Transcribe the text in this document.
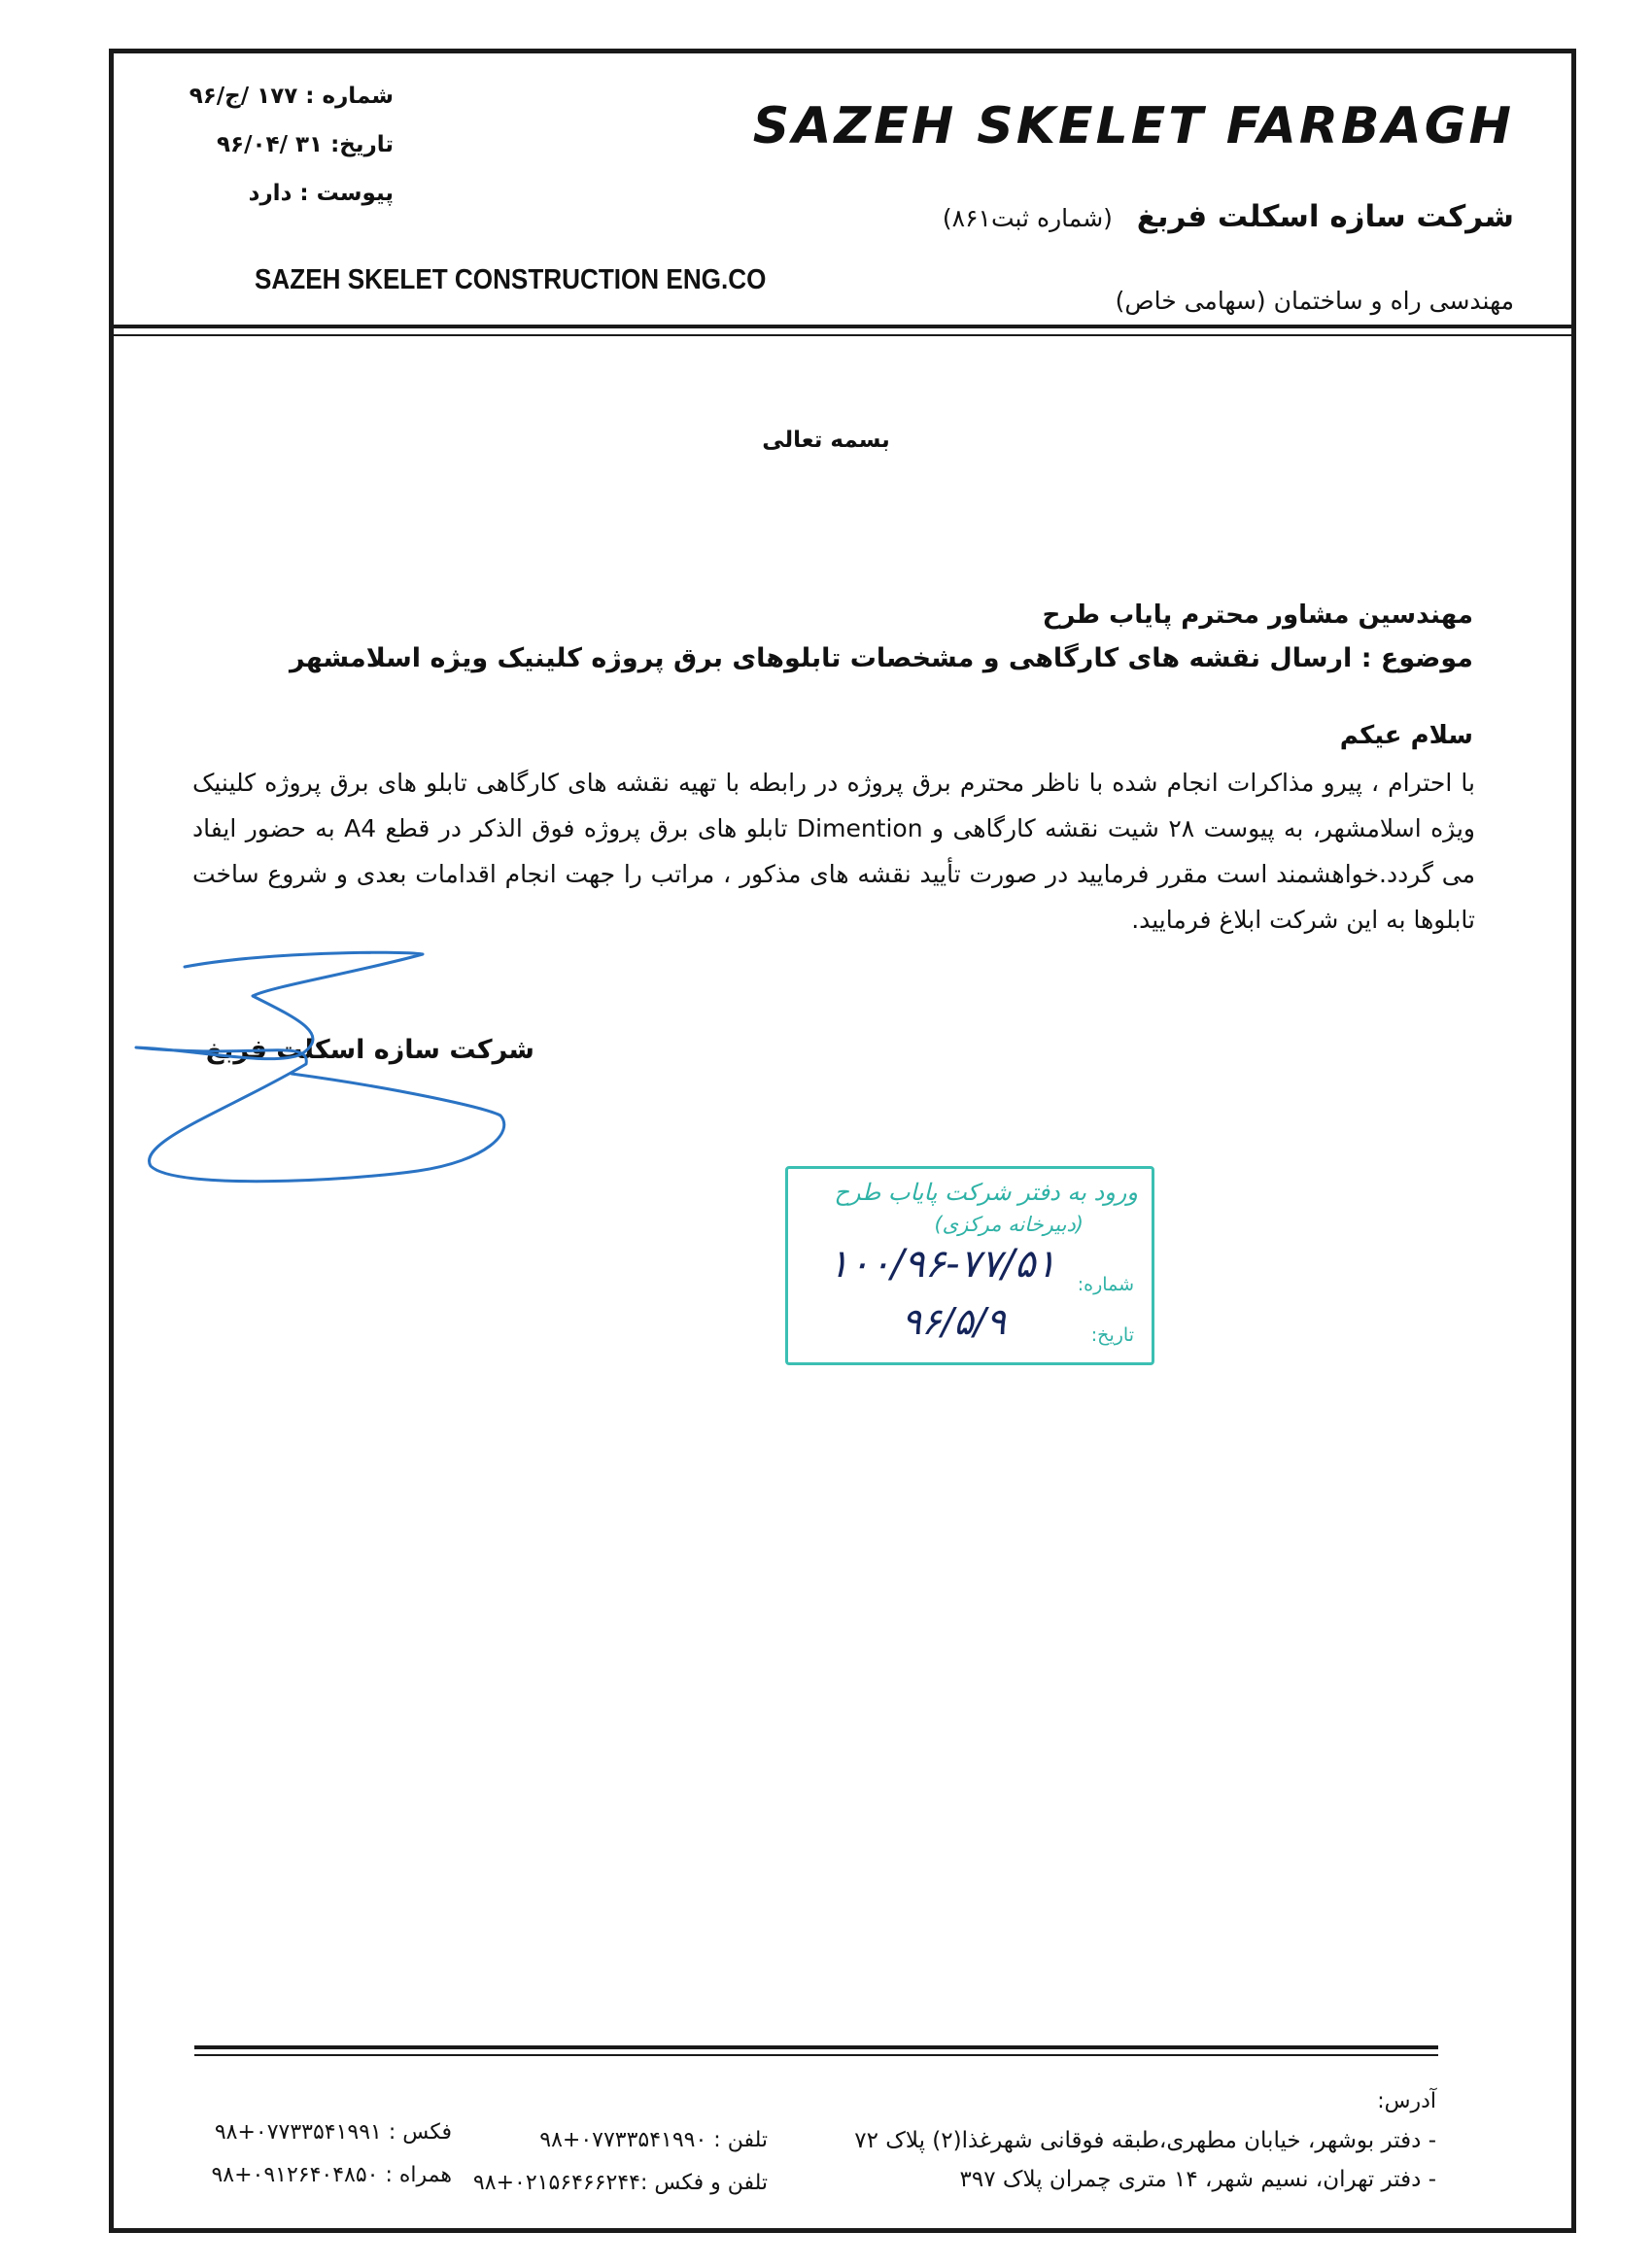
SAZEH SKELET FARBAGH
شرکت سازه اسکلت فربغ (شماره ثبت۸۶۱)
مهندسی راه و ساختمان (سهامی خاص)
SAZEH SKELET CONSTRUCTION ENG.CO
شماره : ۱۷۷ /ج/۹۶
تاریخ: ۳۱ /۹۶/۰۴
پیوست : دارد
بسمه تعالی
مهندسین مشاور محترم پایاب طرح
موضوع : ارسال نقشه های کارگاهی و مشخصات تابلوهای برق پروژه کلینیک ویژه اسلامشهر
سلام عیکم
با احترام ، پیرو مذاکرات انجام شده با ناظر محترم برق پروژه در رابطه با تهیه نقشه های کارگاهی تابلو های برق پروژه کلینیک ویژه اسلامشهر، به پیوست ۲۸ شیت نقشه کارگاهی و Dimention تابلو های برق پروژه فوق الذکر در قطع A4 به حضور ایفاد می گردد.خواهشمند است مقرر فرمایید در صورت تأیید نقشه های مذکور ، مراتب را جهت انجام اقدامات بعدی و شروع ساخت تابلوها به این شرکت ابلاغ فرمایید.
شرکت سازه اسکلت فربغ
ورود به دفتر شرکت پایاب طرح
(دبیرخانه مرکزی)
شماره:
تاریخ:
۱۰۰/۹۶-۷۷/۵۱
۹۶/۵/۹
آدرس:
- دفتر بوشهر، خیابان مطهری،طبقه فوقانی شهرغذا(۲) پلاک ۷۲
- دفتر تهران، نسیم شهر، ۱۴ متری چمران پلاک ۳۹۷
تلفن : ۰۷۷۳۳۵۴۱۹۹۰+۹۸
فکس : ۰۷۷۳۳۵۴۱۹۹۱+۹۸
تلفن و فکس :۰۲۱۵۶۴۶۶۲۴۴+۹۸
همراه : ۰۹۱۲۶۴۰۴۸۵۰+۹۸
